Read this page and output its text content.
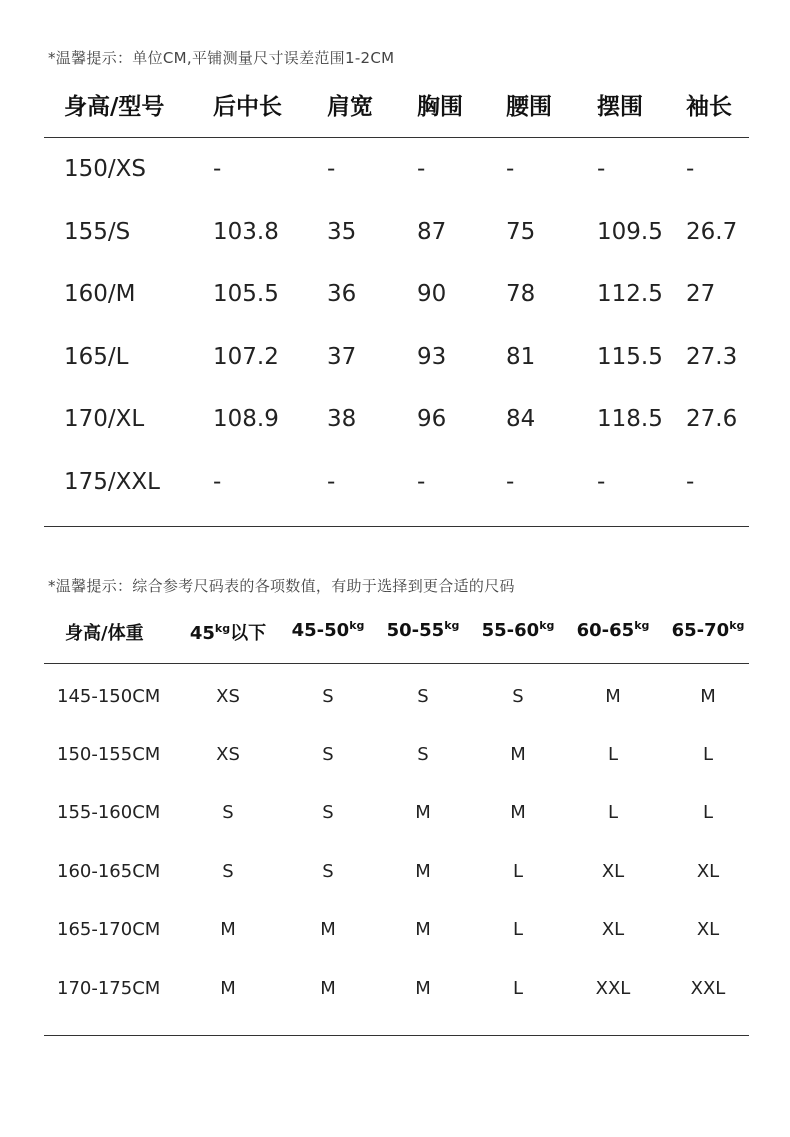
*温馨提示：单位CM,平铺测量尺寸误差范围1-2CM
身高/型号 后中长 肩宽 胸围 腰围 摆围 袖长
150/XS	-	-	-	-	-	-
155/S	103.8 35	87	75	109.5 26.7
160/M	105.5 36	90	78	112.5 27
165/L	107.2 37	93	81	115.5 27.3
170/XL	108.9 38	96	84	118.5 27.6
175/XXL -	-	-	-	-	-
*温馨提示：综合参考尺码表的各项数值，有助于选择到更合适的尺码
身高/体重	$45^{kg}$以下	$45-50^{kg}$	$50-55^{kg}$	$55-60^{kg}$	$60-65^{kg}$	$65-70^{kg}$
145-150CM	XS	S	S	S	M	M
150-155CM	XS	S	S	M	L	L
155-160CM	S	S	M	M	L	L
160-165CM	S	S	M	L	XL	XL
165-170CM	M	M	M	L	XL	XL
170-175CM	M	M	M	L	XXL	XXL
